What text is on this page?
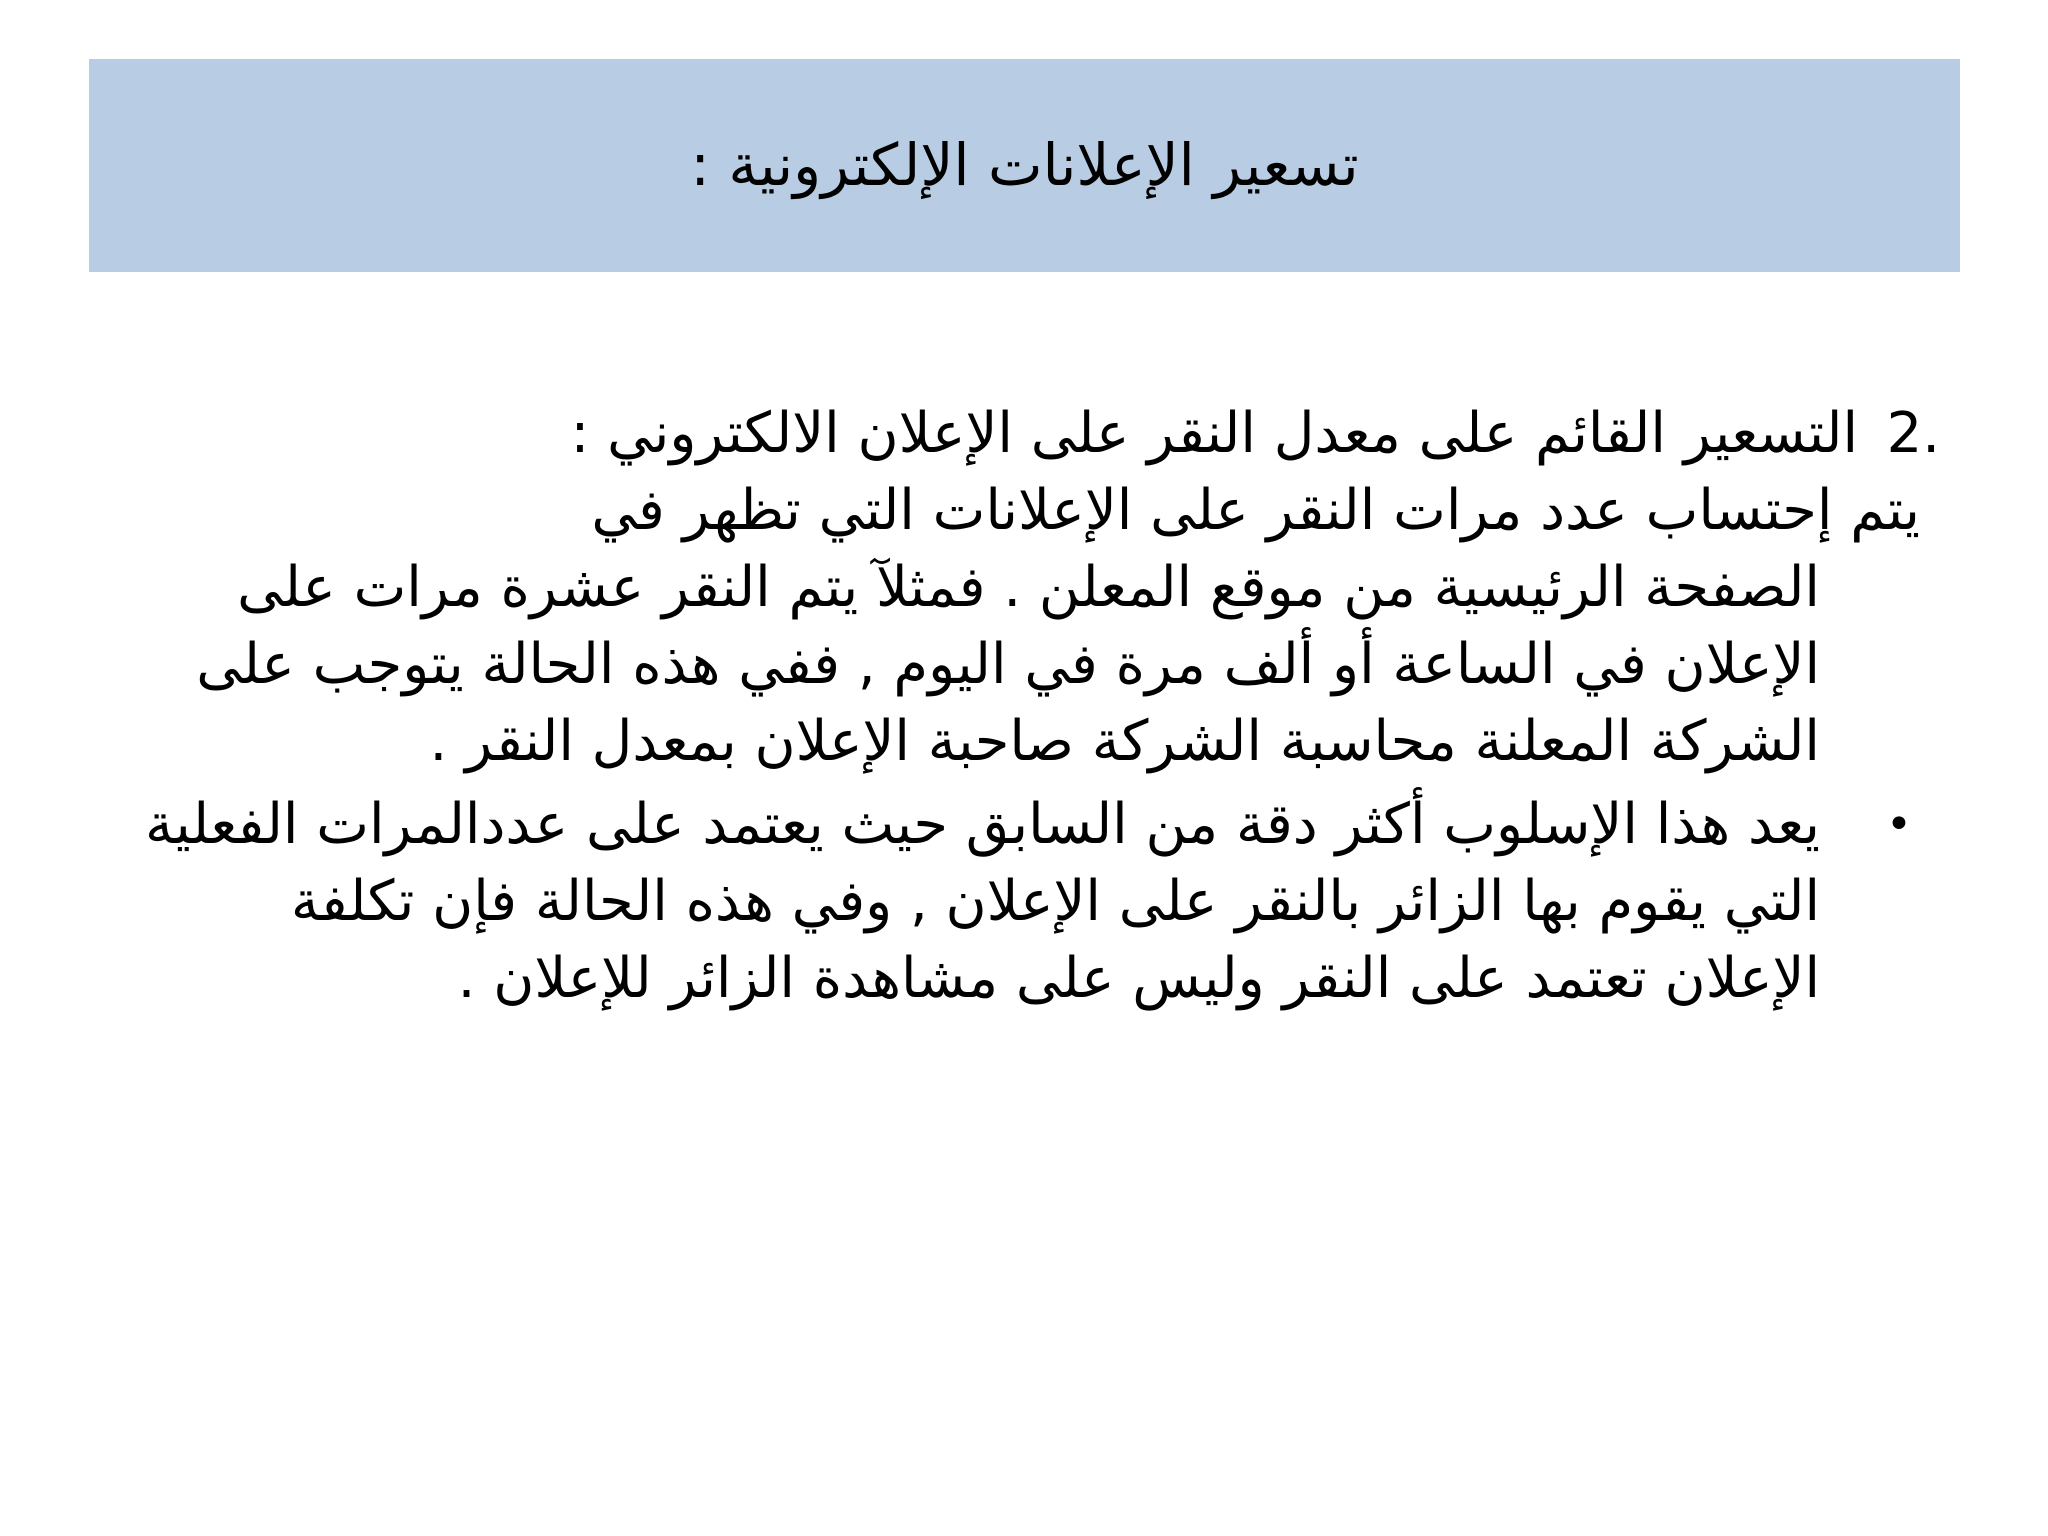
تسعير الإعلانات الإلكترونية :
2.
التسعير القائم على معدل النقر على الإعلان الالكتروني :
يتم إحتساب عدد مرات النقر على الإعلانات التي تظهر في
الصفحة الرئيسية من موقع المعلن . فمثلآ يتم النقر عشرة مرات على الإعلان في الساعة أو ألف مرة في اليوم , ففي هذه الحالة يتوجب على الشركة المعلنة محاسبة الشركة صاحبة الإعلان بمعدل النقر .
•
يعد هذا الإسلوب أكثر دقة من السابق حيث يعتمد على عددالمرات الفعلية التي يقوم بها الزائر بالنقر على الإعلان , وفي هذه الحالة فإن تكلفة الإعلان تعتمد على النقر وليس على مشاهدة الزائر للإعلان .
